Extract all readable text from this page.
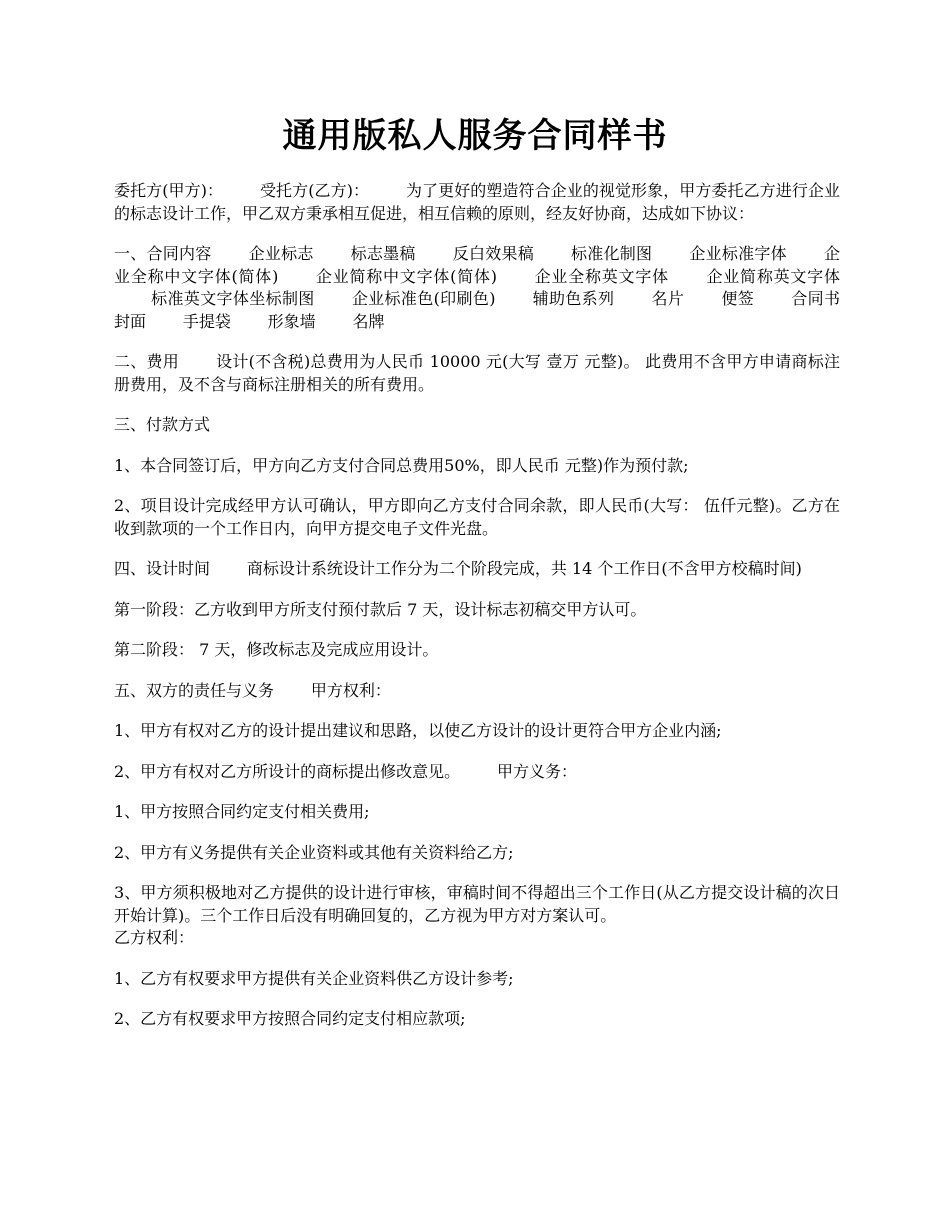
通用版私人服务合同样书

委托方(甲方)： 受托方(乙方)： 为了更好的塑造符合企业的视觉形象，甲方委托乙方进行企业的标志设计工作，甲乙双方秉承相互促进，相互信赖的原则，经友好协商，达成如下协议：

一、合同内容 企业标志 标志墨稿 反白效果稿 标准化制图 企业标准字体 企业全称中文字体(简体) 企业简称中文字体(简体) 企业全称英文字体 企业简称英文字体标准英文字体坐标制图 企业标准色(印刷色) 辅助色系列 名片 便签 合同书封面 手提袋 形象墙 名牌

二、费用 设计(不含税)总费用为人民币 10000 元(大写 壹万 元整)。 此费用不含甲方申请商标注册费用，及不含与商标注册相关的所有费用。

三、付款方式

1、本合同签订后，甲方向乙方支付合同总费用50%，即人民币 元整)作为预付款;

2、项目设计完成经甲方认可确认，甲方即向乙方支付合同余款，即人民币(大写： 伍仟元整)。乙方在收到款项的一个工作日内，向甲方提交电子文件光盘。

四、设计时间 商标设计系统设计工作分为二个阶段完成，共 14 个工作日(不含甲方校稿时间)

第一阶段：乙方收到甲方所支付预付款后 7 天，设计标志初稿交甲方认可。

第二阶段： 7 天，修改标志及完成应用设计。

五、双方的责任与义务 甲方权利：

1、甲方有权对乙方的设计提出建议和思路，以使乙方设计的设计更符合甲方企业内涵;

2、甲方有权对乙方所设计的商标提出修改意见。 甲方义务：

1、甲方按照合同约定支付相关费用;

2、甲方有义务提供有关企业资料或其他有关资料给乙方;

3、甲方须积极地对乙方提供的设计进行审核，审稿时间不得超出三个工作日(从乙方提交设计稿的次日开始计算)。三个工作日后没有明确回复的，乙方视为甲方对方案认可。
乙方权利：

1、乙方有权要求甲方提供有关企业资料供乙方设计参考;

2、乙方有权要求甲方按照合同约定支付相应款项;
